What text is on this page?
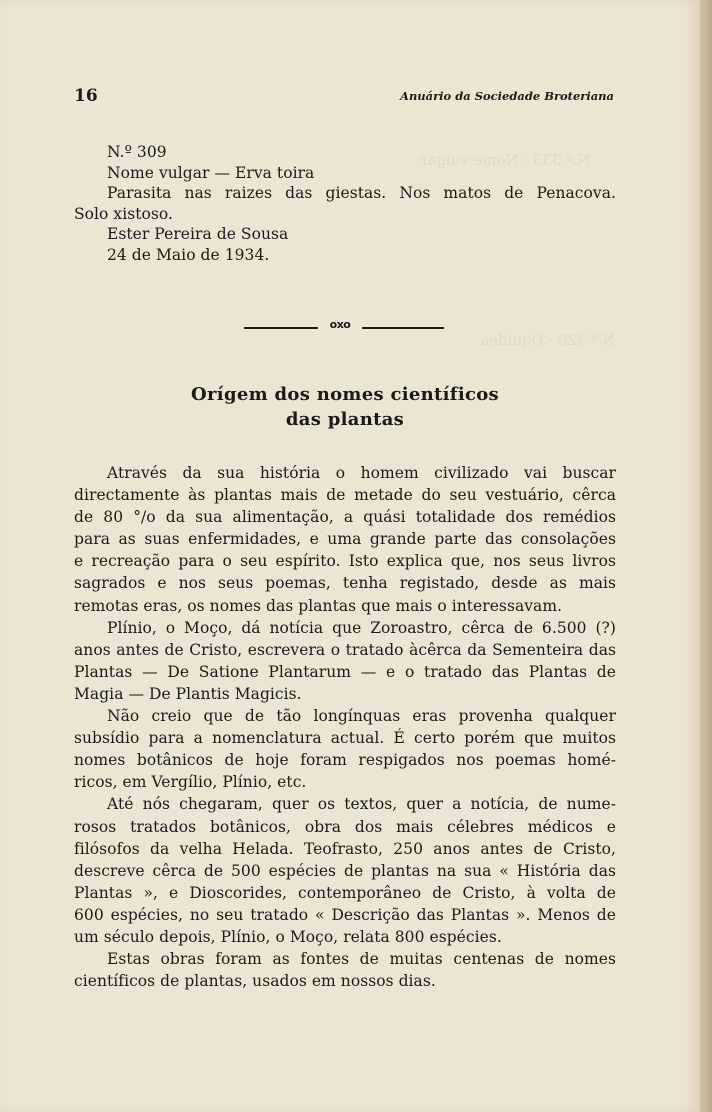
N.º 333 · Nome vulgar
N.º 328 · Oquidea
16	Anuário da Sociedade Broteriana
N.º 309
Nome vulgar — Erva toira
Parasita nas raizes das giestas. Nos matos de Penacova.
Solo xistoso.
Ester Pereira de Sousa
24 de Maio de 1934.
oxo
Orígem dos nomes científicos
das plantas
Através da sua história o homem civilizado vai buscar
directamente às plantas mais de metade do seu vestuário, cêrca
de 80 °/o da sua alimentação, a quási totalidade dos remédios
para as suas enfermidades, e uma grande parte das consolações
e recreação para o seu espírito. Isto explica que, nos seus livros
sagrados e nos seus poemas, tenha registado, desde as mais
remotas eras, os nomes das plantas que mais o interessavam.
Plínio, o Moço, dá notícia que Zoroastro, cêrca de 6.500 (?)
anos antes de Cristo, escrevera o tratado àcêrca da Sementeira das
Plantas — De Satione Plantarum — e o tratado das Plantas de
Magia — De Plantis Magicis.
Não creio que de tão longínquas eras provenha qualquer
subsídio para a nomenclatura actual. É certo porém que muitos
nomes botânicos de hoje foram respigados nos poemas homé-
ricos, em Vergílio, Plínio, etc.
Até nós chegaram, quer os textos, quer a notícia, de nume-
rosos tratados botânicos, obra dos mais célebres médicos e
filósofos da velha Helada. Teofrasto, 250 anos antes de Cristo,
descreve cêrca de 500 espécies de plantas na sua « História das
Plantas », e Dioscorides, contemporâneo de Cristo, à volta de
600 espécies, no seu tratado « Descrição das Plantas ». Menos de
um século depois, Plínio, o Moço, relata 800 espécies.
Estas obras foram as fontes de muitas centenas de nomes
científicos de plantas, usados em nossos dias.
